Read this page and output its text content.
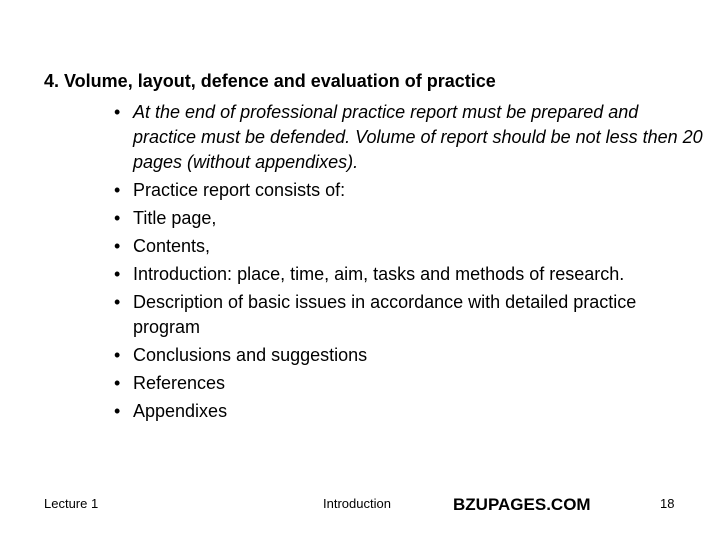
4. Volume, layout, defence and evaluation of practice
• At the end of professional practice report must be prepared and practice must be defended. Volume of report should be not less then 20 pages (without appendixes).
• Practice report consists of:
• Title page,
• Contents,
• Introduction: place, time, aim, tasks and methods of research.
• Description of basic issues in accordance with detailed practice program
• Conclusions and suggestions
• References
• Appendixes
Lecture 1	Introduction	BZUPAGES.COM	18
